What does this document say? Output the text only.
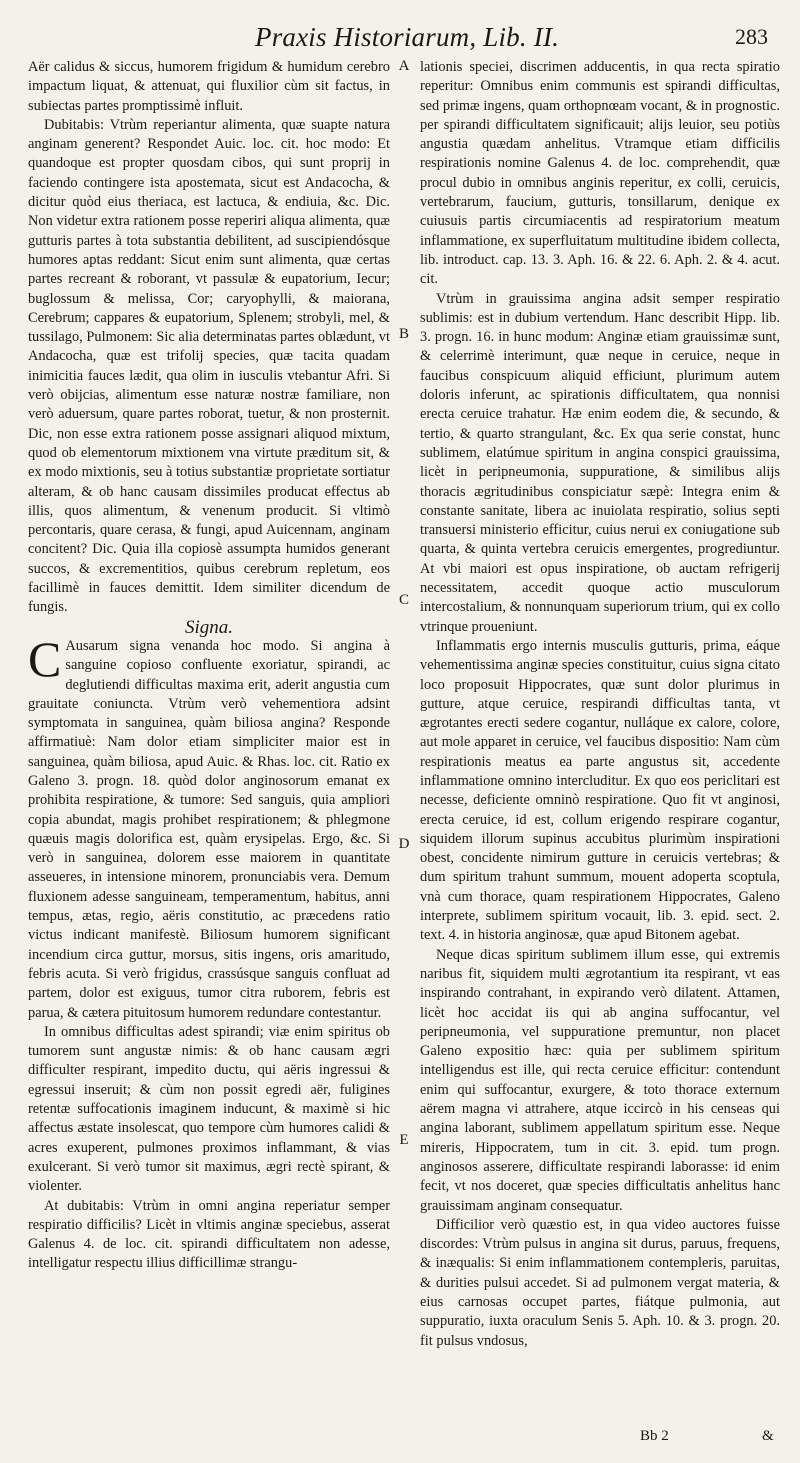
Praxis Historiarum, Lib. II.	283

Aër calidus & siccus, humorem frigidum & humidum cerebro impactum liquat, & attenuat, qui fluxilior cùm sit factus, in subiectas partes promptissimè influit.

Dubitabis: Vtrùm reperiantur alimenta, quæ suapte natura anginam generent? Respondet Auic. loc. cit. hoc modo: Et quandoque est propter quosdam cibos, qui sunt proprij in faciendo contingere ista apostemata, sicut est Andacocha, & dicitur quòd eius theriaca, est lactuca, & endiuia, &c. Dic. Non videtur extra rationem posse reperiri aliqua alimenta, quæ gutturis partes à tota substantia debilitent, ad suscipiendósque humores aptas reddant: Sicut enim sunt alimenta, quæ certas partes recreant & roborant, vt passulæ & eupatorium, Iecur; buglossum & melissa, Cor; caryophylli, & maiorana, Cerebrum; cappares & eupatorium, Splenem; strobyli, mel, & tussilago, Pulmonem: Sic alia determinatas partes oblædunt, vt Andacocha, quæ est trifolij species, quæ tacita quadam inimicitia fauces lædit, qua olim in iusculis vtebantur Afri. Si verò obijcias, alimentum esse naturæ nostræ familiare, non verò aduersum, quare partes roborat, tuetur, & non prosternit. Dic, non esse extra rationem posse assignari aliquod mixtum, quod ob elementorum mixtionem vna virtute præditum sit, & ex modo mixtionis, seu à totius substantiæ proprietate sortiatur alteram, & ob hanc causam dissimiles producat effectus ab illis, quos alimentum, & venenum producit. Si vltimò percontaris, quare cerasa, & fungi, apud Auicennam, anginam concitent? Dic. Quia illa copiosè assumpta humidos generant succos, & excrementitios, quibus cerebrum repletum, eos facillimè in fauces demittit. Idem similiter dicendum de fungis.

Signa.

C Ausarum signa venanda hoc modo. Si angina à sanguine copioso confluente exoriatur, spirandi, ac deglutiendi difficultas maxima erit, aderit angustia cum grauitate coniuncta. Vtrùm verò vehementiora adsint symptomata in sanguinea, quàm biliosa angina? Responde affirmatiuè: Nam dolor etiam simpliciter maior est in sanguinea, quàm biliosa, apud Auic. & Rhas. loc. cit. Ratio ex Galeno 3. progn. 18. quòd dolor anginosorum emanat ex prohibita respiratione, & tumore: Sed sanguis, quia ampliori copia abundat, magis prohibet respirationem; & phlegmone quæuis magis dolorifica est, quàm erysipelas. Ergo, &c. Si verò in sanguinea, dolorem esse maiorem in quantitate asseueres, in intensione minorem, pronunciabis vera. Demum fluxionem adesse sanguineam, temperamentum, habitus, anni tempus, ætas, regio, aëris constitutio, ac præcedens ratio victus indicant manifestè. Biliosum humorem significant incendium circa guttur, morsus, sitis ingens, oris amaritudo, febris acuta. Si verò frigidus, crassúsque sanguis confluat ad partem, dolor est exiguus, tumor citra ruborem, febris est parua, & cætera pituitosum humorem redundare contestantur.

In omnibus difficultas adest spirandi; viæ enim spiritus ob tumorem sunt angustæ nimis: & ob hanc causam ægri difficulter respirant, impedito ductu, qui aëris ingressui & egressui inseruit; & cùm non possit egredi aër, fuligines retentæ suffocationis imaginem inducunt, & maximè si hic affectus æstate insolescat, quo tempore cùm humores calidi & acres exuperent, pulmones proximos inflammant, & vias exulcerant. Si verò tumor sit maximus, ægri rectè spirant, & violenter.

At dubitabis: Vtrùm in omni angina reperiatur semper respiratio difficilis? Licèt in vltimis anginæ speciebus, asserat Galenus 4. de loc. cit. spirandi difficultatem non adesse, intelligatur respectu illius difficillimæ strangu-

A
B
C
D
E

lationis speciei, discrimen adducentis, in qua recta spiratio reperitur: Omnibus enim communis est spirandi difficultas, sed primæ ingens, quam orthopnœam vocant, & in prognostic. per spirandi difficultatem significauit; alijs leuior, seu potiùs angustia quædam anhelitus. Vtramque etiam difficilis respirationis nomine Galenus 4. de loc. comprehendit, quæ procul dubio in omnibus anginis reperitur, ex colli, ceruicis, vertebrarum, faucium, gutturis, tonsillarum, denique ex cuiusuis partis circumiacentis ad respiratorium meatum inflammatione, ex superfluitatum multitudine ibidem collecta, lib. introduct. cap. 13. 3. Aph. 16. & 22. 6. Aph. 2. & 4. acut. cit.

Vtrùm in grauissima angina adsit semper respiratio sublimis: est in dubium vertendum. Hanc describit Hipp. lib. 3. progn. 16. in hunc modum: Anginæ etiam grauissimæ sunt, & celerrimè interimunt, quæ neque in ceruice, neque in faucibus conspicuum aliquid efficiunt, plurimum autem doloris inferunt, ac spirationis difficultatem, qua nonnisi erecta ceruice trahatur. Hæ enim eodem die, & secundo, & tertio, & quarto strangulant, &c. Ex qua serie constat, hunc sublimem, elatúmue spiritum in angina conspici grauissima, licèt in peripneumonia, suppuratione, & similibus alijs thoracis ægritudinibus conspiciatur sæpè: Integra enim & constante sanitate, libera ac inuiolata respiratio, solius septi transuersi ministerio efficitur, cuius nerui ex coniugatione sub quarta, & quinta vertebra ceruicis emergentes, progrediuntur. At vbi maiori est opus inspiratione, ob auctam refrigerij necessitatem, accedit quoque actio musculorum intercostalium, & nonnunquam superiorum trium, qui ex collo vtrinque proueniunt.

Inflammatis ergo internis musculis gutturis, prima, eáque vehementissima anginæ species constituitur, cuius signa citato loco proposuit Hippocrates, quæ sunt dolor plurimus in gutture, atque ceruice, respirandi difficultas tanta, vt ægrotantes erecti sedere cogantur, nulláque ex calore, colore, aut mole apparet in ceruice, vel faucibus dispositio: Nam cùm respirationis meatus ea parte angustus sit, accedente inflammatione omnino intercluditur. Ex quo eos periclitari est necesse, deficiente omninò respiratione. Quo fit vt anginosi, erecta ceruice, id est, collum erigendo respirare cogantur, siquidem illorum supinus accubitus plurimùm inspirationi obest, concidente nimirum gutture in ceruicis vertebras; & dum spiritum trahunt summum, mouent adoperta scoptula, vnà cum thorace, quam respirationem Hippocrates, Galeno interprete, sublimem spiritum vocauit, lib. 3. epid. sect. 2. text. 4. in historia anginosæ, quæ apud Bitonem agebat.

Neque dicas spiritum sublimem illum esse, qui extremis naribus fit, siquidem multi ægrotantium ita respirant, vt eas inspirando contrahant, in expirando verò dilatent. Attamen, licèt hoc accidat iis qui ab angina suffocantur, vel peripneumonia, vel suppuratione premuntur, non placet Galeno expositio hæc: quia per sublimem spiritum intelligendus est ille, qui recta ceruice efficitur: contendunt enim qui suffocantur, exurgere, & toto thorace externum aërem magna vi attrahere, atque iccircò in his censeas qui angina laborant, sublimem appellatum spiritum esse. Neque mireris, Hippocratem, tum in cit. 3. epid. tum progn. anginosos asserere, difficultate respirandi laborasse: id enim fecit, vt nos doceret, quæ species difficultatis anhelitus hanc grauissimam anginam consequatur.

Difficilior verò quæstio est, in qua video auctores fuisse discordes: Vtrùm pulsus in angina sit durus, paruus, frequens, & inæqualis: Si enim inflammationem contempleris, paruitas, & durities pulsui accedet. Si ad pulmonem vergat materia, & eius carnosas occupet partes, fiátque pulmonia, aut suppuratio, iuxta oraculum Senis 5. Aph. 10. & 3. progn. 20. fit pulsus vndosus,

Bb 2	&
